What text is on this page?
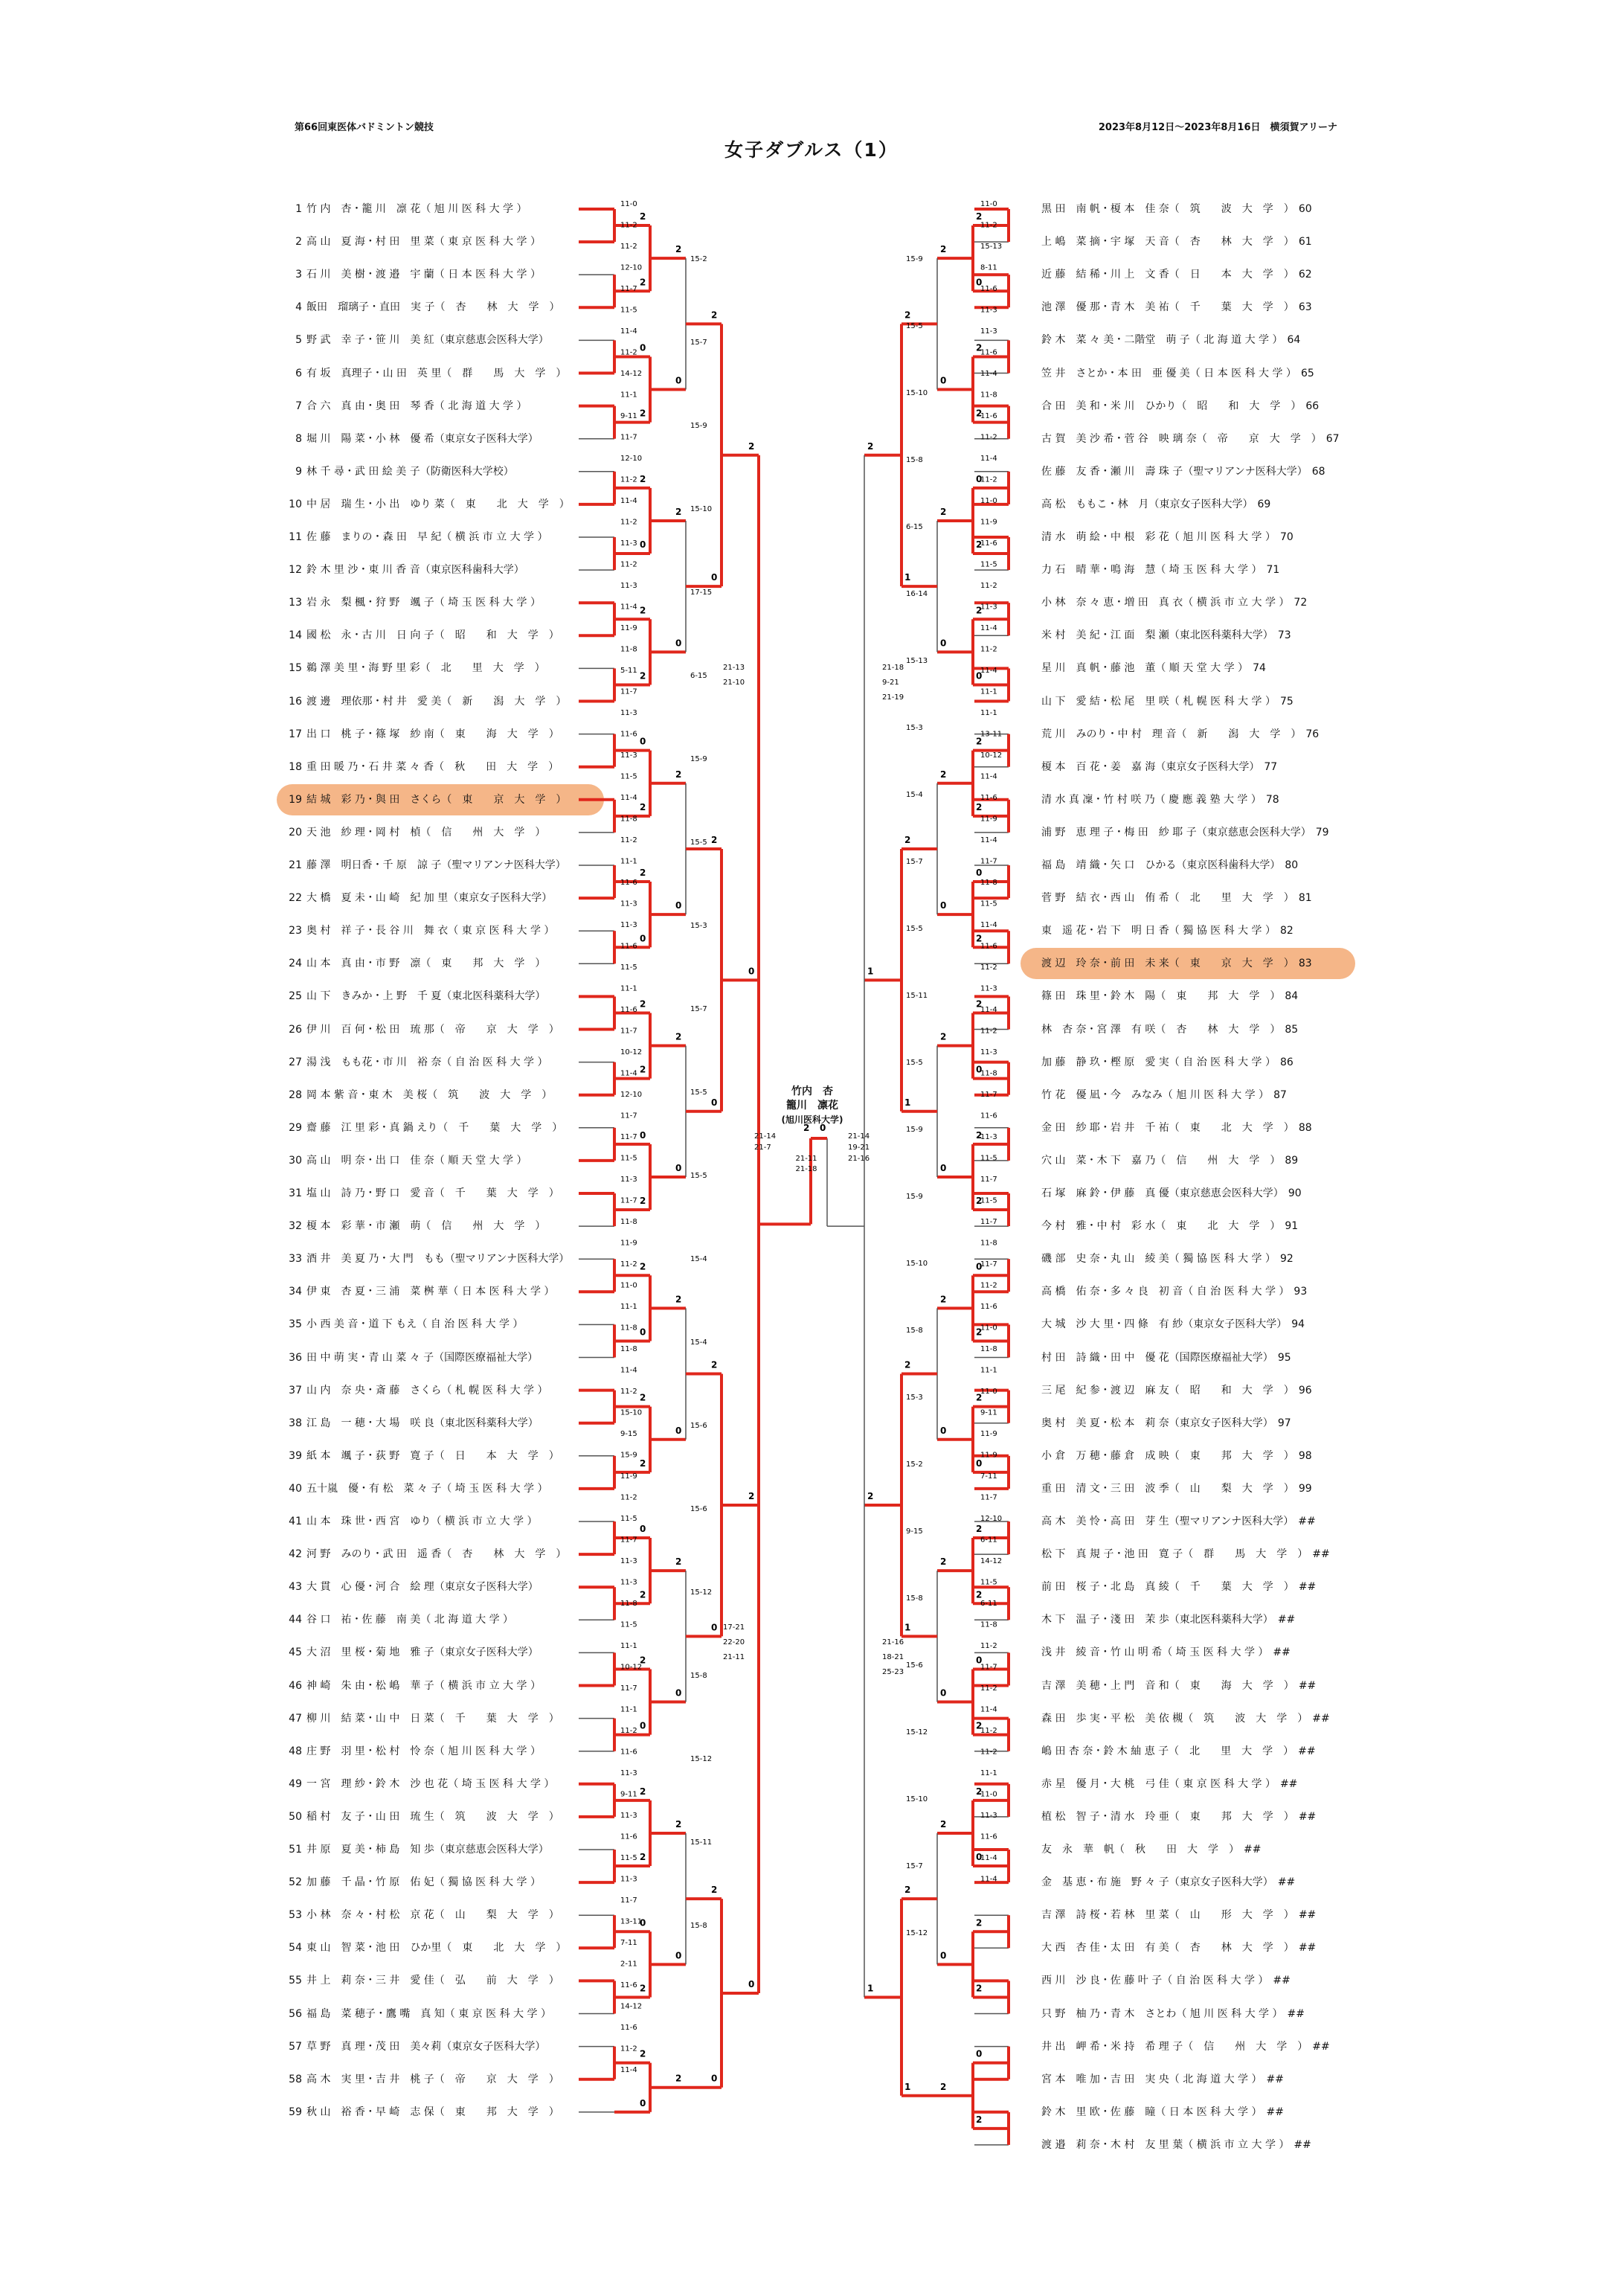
第66回東医体バドミントン競技	2023年8月12日～2023年8月16日　横須賀アリーナ
女子ダブルス（1）
11-0
11-2
11-2
12-10
11-7
11-5
11-4
11-2
14-12
11-1
9-11
11-7
12-10
11-2
11-4
11-2
11-3
11-2
11-3
11-4
11-9
11-8
5-11
11-7
11-3
11-6
11-3
11-5
11-4
11-8
11-2
11-1
11-6
11-3
11-3
11-6
11-5
11-1
11-6
11-7
10-12
11-4
12-10
11-7
11-7
11-5
11-3
11-7
11-8
11-9
11-2
11-0
11-1
11-8
11-8
11-4
11-2
15-10
9-15
15-9
11-9
11-2
11-5
11-7
11-3
11-3
11-8
11-5
11-1
10-12
11-7
11-1
11-2
11-6
11-3
9-11
11-3
11-6
11-5
11-3
11-7
13-11
7-11
2-11
11-6
14-12
11-6
11-2
11-4
11-0
11-2
15-13
8-11
11-6
11-3
11-3
11-6
11-4
11-8
11-6
11-2
11-4
11-2
11-0
11-9
11-6
11-5
11-2
11-3
11-4
11-2
11-4
11-1
11-1
13-11
10-12
11-4
11-6
11-9
11-4
11-7
11-8
11-5
11-4
11-6
11-2
11-3
11-4
11-2
11-3
11-8
11-7
11-6
11-3
11-5
11-7
11-5
11-7
11-8
11-7
11-2
11-6
11-0
11-8
11-1
11-0
9-11
11-9
11-9
7-11
11-7
12-10
6-11
14-12
11-5
6-11
11-8
11-2
11-7
11-2
11-4
11-2
11-2
11-1
11-0
11-3
11-6
11-4
11-4
15-2
15-7
15-9
15-10
17-15
6-15
15-9
15-5
15-3
15-7
15-5
15-5
15-4
15-4
15-6
15-6
15-12
15-8
15-12
15-11
15-8
15-9
15-5
15-10
15-8
6-15
16-14
15-13
15-3
15-4
15-7
15-5
15-11
15-5
15-9
15-9
15-10
15-8
15-3
15-2
9-15
15-8
15-6
15-12
15-10
15-7
15-12
21-13
21-10
17-21
22-20
21-11
21-18
9-21
21-19
21-16
18-21
25-23
21-14
21-7
21-14
19-21
21-16
21-11
21-18
2
2
0
2
2
0
2
2
0
2
2
0
2
2
0
2
2
0
2
2
0
2
2
0
2
2
0
2
2
0
2
0
2
2
0
2
2
0
2
2
0
2
2
0
2
2
0
2
2
0
2
2
0
2
2
0
2
2
0
2
2
0
2
0
2
0
2
0
2
0
2
0
2
0
2
2
0
2
0
2
0
2
0
2
0
2
0
2
0
2
2
0
2
0
2
0
2
0
2
1
2
1
2
1
2
1
2
0
2
0
2
1
2
1
2 0
1 竹 内　杏・籠 川　凛 花（ 旭 川 医 科 大 学 ）
2 高 山　夏 海・村 田　里 菜（ 東 京 医 科 大 学 ）
3 石 川　美 樹・渡 邉　宇 蘭（ 日 本 医 科 大 学 ）
4 飯田　瑠璃子・直田　実 子（　杏　　林　大　学　）
5 野 武　幸 子・笹 川　美 紅（東京慈恵会医科大学）
6 有 坂　真理子・山 田　英 里（　群　　馬　大　学　）
7 合 六　真 由・奥 田　琴 香（ 北 海 道 大 学 ）
8 堀 川　陽 菜・小 林　優 希（東京女子医科大学）
9 林 千 尋・武 田 絵 美 子（防衛医科大学校）
10 中 居　瑞 生・小 出　ゆり 菜（　東　　北　大　学　）
11 佐 藤　まりの・森 田　早 紀（ 横 浜 市 立 大 学 ）
12 鈴 木 里 沙・東 川 香 音（東京医科歯科大学）
13 岩 永　梨 楓・狩 野　颯 子（ 埼 玉 医 科 大 学 ）
14 國 松　永・古 川　日 向 子（　昭　　和　大　学　）
15 鵜 澤 美 里・海 野 里 彩（　北　　里　大　学　）
16 渡 邊　理依那・村 井　愛 美（　新　　潟　大　学　）
17 出 口　桃 子・篠 塚　紗 南（　東　　海　大　学　）
18 重 田 暖 乃・石 井 菜 々 香（　秋　　田　大　学　）
19 結 城　彩 乃・與 田　さくら（　東　　京　大　学　）
20 天 池　紗 理・岡 村　楨（　信　　州　大　学　）
21 藤 澤　明日香・千 原　諒 子（聖マリアンナ医科大学）
22 大 橋　夏 未・山 崎　紀 加 里（東京女子医科大学）
23 奥 村　祥 子・長 谷 川　舞 衣（ 東 京 医 科 大 学 ）
24 山 本　真 由・市 野　凛（　東　　邦　大　学　）
25 山 下　きみか・上 野　千 夏（東北医科薬科大学）
26 伊 川　百 何・松 田　琉 那（　帝　　京　大　学　）
27 湯 浅　もも花・市 川　裕 奈（ 自 治 医 科 大 学 ）
28 岡 本 紫 音・東 木　美 桜（　筑　　波　大　学　）
29 齋 藤　江 里 彩・真 鍋 えり（　千　　葉　大　学　）
30 高 山　明 奈・出 口　佳 奈（ 順 天 堂 大 学 ）
31 塩 山　詩 乃・野 口　愛 音（　千　　葉　大　学　）
32 榎 本　彩 華・市 瀬　萌（　信　　州　大　学　）
33 酒 井　美 夏 乃・大 門　もも（聖マリアンナ医科大学）
34 伊 東　杏 夏・三 浦　菜 桝 華（ 日 本 医 科 大 学 ）
35 小 西 美 音・道 下 もえ（ 自 治 医 科 大 学 ）
36 田 中 萌 実・青 山 菜 々 子（国際医療福祉大学）
37 山 内　奈 央・斎 藤　さくら（ 札 幌 医 科 大 学 ）
38 江 島　一 穂・大 場　咲 良（東北医科薬科大学）
39 紙 本　颯 子・荻 野　寛 子（　日　　本　大　学　）
40 五十嵐　優・有 松　菜 々 子（ 埼 玉 医 科 大 学 ）
41 山 本　珠 世・西 宮　ゆり（ 横 浜 市 立 大 学 ）
42 河 野　みのり・武 田　遥 香（　杏　　林　大　学　）
43 大 貫　心 優・河 合　絵 理（東京女子医科大学）
44 谷 口　祐・佐 藤　南 美（ 北 海 道 大 学 ）
45 大 沼　里 桜・菊 地　雅 子（東京女子医科大学）
46 神 崎　朱 由・松 嶋　華 子（ 横 浜 市 立 大 学 ）
47 柳 川　結 菜・山 中　日 菜（　千　　葉　大　学　）
48 庄 野　羽 里・松 村　怜 奈（ 旭 川 医 科 大 学 ）
49 一 宮　理 紗・鈴 木　沙 也 花（ 埼 玉 医 科 大 学 ）
50 稲 村　友 子・山 田　琉 生（　筑　　波　大　学　）
51 井 原　夏 美・柿 島　知 歩（東京慈恵会医科大学）
52 加 藤　千 晶・竹 原　佑 妃（ 獨 協 医 科 大 学 ）
53 小 林　奈 々・村 松　京 花（　山　　梨　大　学　）
54 東 山　智 菜・池 田　ひか里（　東　　北　大　学　）
55 井 上　莉 奈・三 井　愛 佳（　弘　　前　大　学　）
56 福 島　菜 穂子・鷹 嘴　真 知（ 東 京 医 科 大 学 ）
57 草 野　真 理・茂 田　美々莉（東京女子医科大学）
58 高 木　実 里・吉 井　桃 子（　帝　　京　大　学　）
59 秋 山　裕 香・早 崎　志 保（　東　　邦　大　学　）
黒 田　南 帆・榎 本　佳 奈（　筑　　波　大　学　） 60
上 嶋　菜 摘・宇 塚　天 音（　杏　　林　大　学　） 61
近 藤　結 稀・川 上　文 香（　日　　本　大　学　） 62
池 澤　優 那・青 木　美 祐（　千　　葉　大　学　） 63
鈴 木　菜 々 美・二階堂　萌 子（ 北 海 道 大 学 ） 64
笠 井　さとか・本 田　亜 優 美（ 日 本 医 科 大 学 ） 65
合 田　美 和・米 川　ひかり（　昭　　和　大　学　） 66
古 賀　美 沙 希・菅 谷　映 璃 奈（　帝　　京　大　学　） 67
佐 藤　友 香・瀬 川　壽 珠 子（聖マリアンナ医科大学） 68
高 松　ももこ・林　月（東京女子医科大学） 69
清 水　萌 絵・中 根　彩 花（ 旭 川 医 科 大 学 ） 70
力 石　晴 華・鳴 海　慧（ 埼 玉 医 科 大 学 ） 71
小 林　奈 々 恵・増 田　真 衣（ 横 浜 市 立 大 学 ） 72
米 村　美 紀・江 面　梨 瀬（東北医科薬科大学） 73
星 川　真 帆・藤 池　董（ 順 天 堂 大 学 ） 74
山 下　愛 結・松 尾　里 咲（ 札 幌 医 科 大 学 ） 75
荒 川　みのり・中 村　理 音（　新　　潟　大　学　） 76
榎 本　百 花・姜　嘉 海（東京女子医科大学） 77
清 水 真 凜・竹 村 咲 乃（ 慶 應 義 塾 大 学 ） 78
浦 野　恵 理 子・梅 田　紗 耶 子（東京慈恵会医科大学） 79
福 島　靖 織・矢 口　ひかる（東京医科歯科大学） 80
菅 野　結 衣・西 山　侑 希（　北　　里　大　学　） 81
東　遥 花・岩 下　明 日 香（ 獨 協 医 科 大 学 ） 82
渡 辺　玲 奈・前 田　未 来（　東　　京　大　学　） 83
篠 田　珠 里・鈴 木　陽（　東　　邦　大　学　） 84
林　杏 奈・宮 澤　有 咲（　杏　　林　大　学　） 85
加 藤　静 玖・樫 原　愛 実（ 自 治 医 科 大 学 ） 86
竹 花　優 凪・今　みなみ（ 旭 川 医 科 大 学 ） 87
金 田　紗 耶・岩 井　千 祐（　東　　北　大　学　） 88
穴 山　菜・木 下　嘉 乃（　信　　州　大　学　） 89
石 塚　麻 鈴・伊 藤　真 優（東京慈恵会医科大学） 90
今 村　雅・中 村　彩 水（　東　　北　大　学　） 91
磯 部　史 奈・丸 山　綾 美（ 獨 協 医 科 大 学 ） 92
高 橋　佑 奈・多 々 良　初 音（ 自 治 医 科 大 学 ） 93
大 城　沙 大 里・四 條　有 紗（東京女子医科大学） 94
村 田　詩 織・田 中　優 花（国際医療福祉大学） 95
三 尾　紀 参・渡 辺　麻 友（　昭　　和　大　学　） 96
奥 村　美 夏・松 本　莉 奈（東京女子医科大学） 97
小 倉　万 穂・藤 倉　成 映（　東　　邦　大　学　） 98
重 田　清 文・三 田　波 季（　山　　梨　大　学　） 99
高 木　美 怜・高 田　芽 生（聖マリアンナ医科大学） ##
松 下　真 規 子・池 田　寛 子（　群　　馬　大　学　） ##
前 田　桜 子・北 島　真 綾（　千　　葉　大　学　） ##
木 下　温 子・淺 田　茉 歩（東北医科薬科大学） ##
浅 井　綾 音・竹 山 明 希（ 埼 玉 医 科 大 学 ） ##
吉 澤　美 穂・上 門　音 和（　東　　海　大　学　） ##
森 田　歩 実・平 松　美 依 槻（　筑　　波　大　学　） ##
嶋 田 杏 奈・鈴 木 紬 恵 子（　北　　里　大　学　） ##
赤 星　優 月・大 桃　弓 佳（ 東 京 医 科 大 学 ） ##
植 松　智 子・清 水　玲 亜（　東　　邦　大　学　） ##
友　永　華　帆（　秋　　田　大　学　） ##
金　基 恵・布 施　野 々 子（東京女子医科大学） ##
吉 澤　詩 桜・若 林　里 菜（　山　　形　大　学　） ##
大 西　杏 佳・太 田　有 美（　杏　　林　大　学　） ##
西 川　沙 良・佐 藤 叶 子（ 自 治 医 科 大 学 ） ##
只 野　柚 乃・青 木　さとわ（ 旭 川 医 科 大 学 ） ##
井 出　岬 希・米 持　希 理 子（　信　　州　大　学　） ##
宮 本　唯 加・吉 田　実 央（ 北 海 道 大 学 ） ##
鈴 木　里 欧・佐 藤　瞳（ 日 本 医 科 大 学 ） ##
渡 邉　莉 奈・木 村　友 里 葉（ 横 浜 市 立 大 学 ） ##
竹内　杏
籠川　凛花
(旭川医科大学)
